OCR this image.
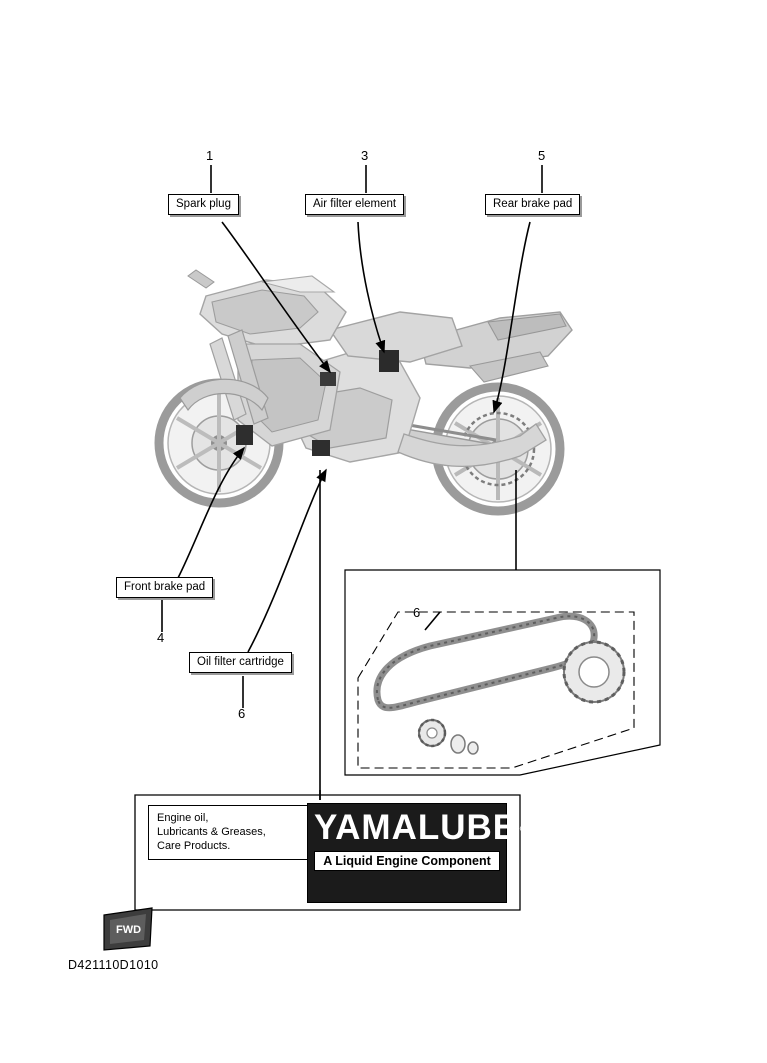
Spark plug
1
Air filter element
3
Rear brake pad
5
Front brake pad
4
Oil filter cartridge
6
6
Engine oil,
Lubricants & Greases,
Care Products.	YAMALUBE ®
A Liquid Engine Component
FWD
D421110D1010
